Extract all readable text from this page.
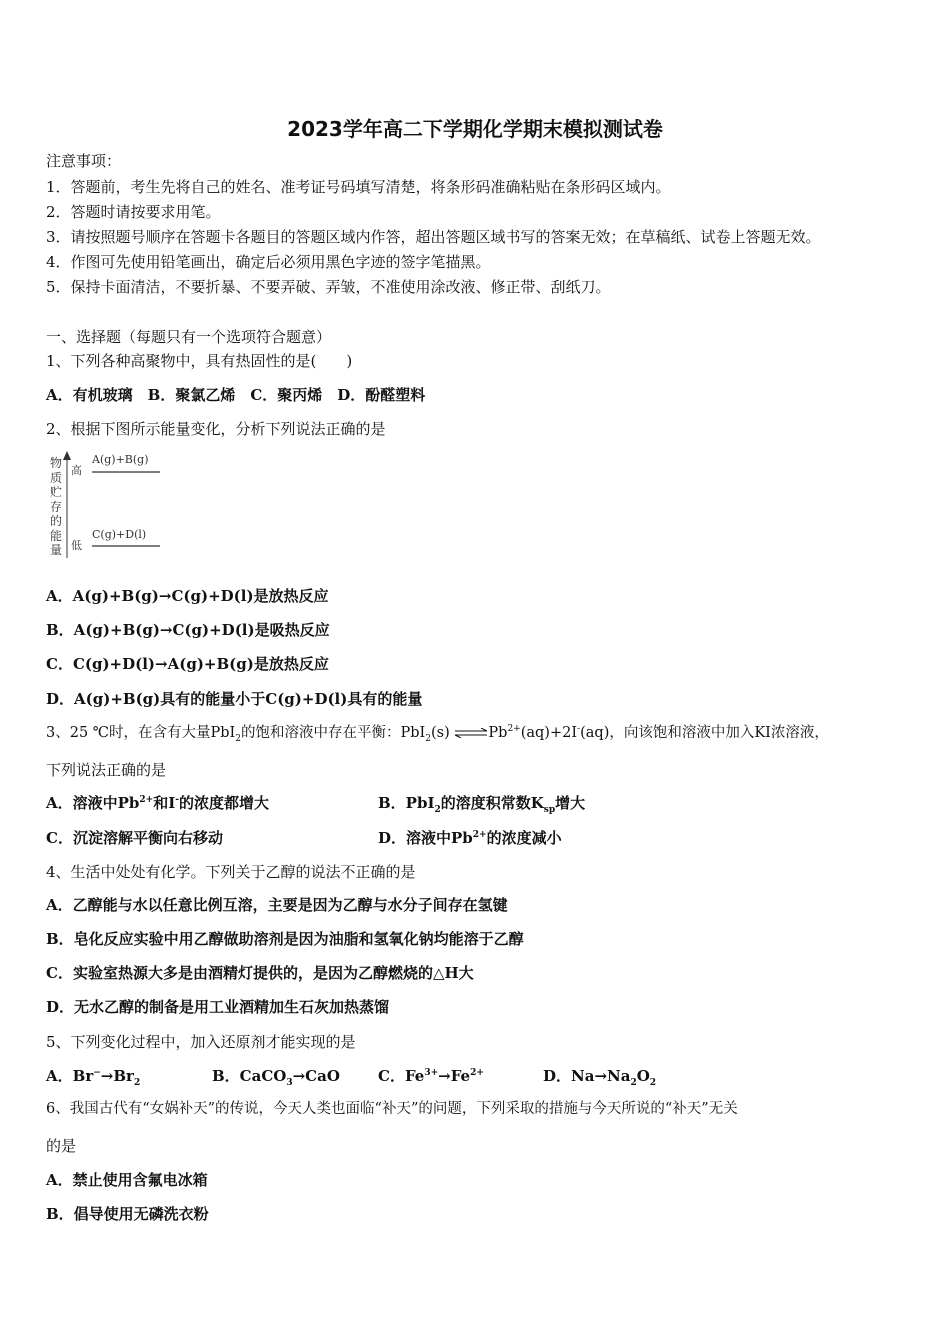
2023学年高二下学期化学期末模拟测试卷
注意事项：
1．答题前，考生先将自己的姓名、准考证号码填写清楚，将条形码准确粘贴在条形码区域内。
2．答题时请按要求用笔。
3．请按照题号顺序在答题卡各题目的答题区域内作答，超出答题区域书写的答案无效；在草稿纸、试卷上答题无效。
4．作图可先使用铅笔画出，确定后必须用黑色字迹的签字笔描黑。
5．保持卡面清洁，不要折暴、不要弄破、弄皱，不准使用涂改液、修正带、刮纸刀。
一、选择题（每题只有一个选项符合题意）
1、下列各种高聚物中，具有热固性的是(　　)
A．有机玻璃　B．聚氯乙烯　C．聚丙烯　D．酚醛塑料
2、根据下图所示能量变化，分析下列说法正确的是
物质贮存的能量
高
低
A(g)+B(g)
C(g)+D(l)
A．A(g)+B(g)→C(g)+D(l)是放热反应
B．A(g)+B(g)→C(g)+D(l)是吸热反应
C．C(g)+D(l)→A(g)+B(g)是放热反应
D．A(g)+B(g)具有的能量小于C(g)+D(l)具有的能量
3、25 ℃时，在含有大量PbI$_2$的饱和溶液中存在平衡：PbI$_2$(s) $\rightleftharpoons Pb^{2+}(aq)+2I^-(aq)$，向该饱和溶液中加入KI浓溶液，
下列说法正确的是
A．溶液中$Pb^{2+}$和I-的浓度都增大	B．PbI$_2$的溶度积常数$K_{sp}$增大
C．沉淀溶解平衡向右移动	D．溶液中$Pb^{2+}$的浓度减小
4、生活中处处有化学。下列关于乙醇的说法不正确的是
A．乙醇能与水以任意比例互溶，主要是因为乙醇与水分子间存在氢键
B．皂化反应实验中用乙醇做助溶剂是因为油脂和氢氧化钠均能溶于乙醇
C．实验室热源大多是由酒精灯提供的，是因为乙醇燃烧的△H大
D．无水乙醇的制备是用工业酒精加生石灰加热蒸馏
5、下列变化过程中，加入还原剂才能实现的是
A．$Br^-\to Br_2$	B．CaCO$_3$→CaO	C．$Fe^{3+}\to Fe^{2+}$	D．$Na\to Na_2O_2$
6、我国古代有“女娲补天”的传说，今天人类也面临“补天”的问题，下列采取的措施与今天所说的“补天”无关
的是
A．禁止使用含氟电冰箱
B．倡导使用无磷洗衣粉
